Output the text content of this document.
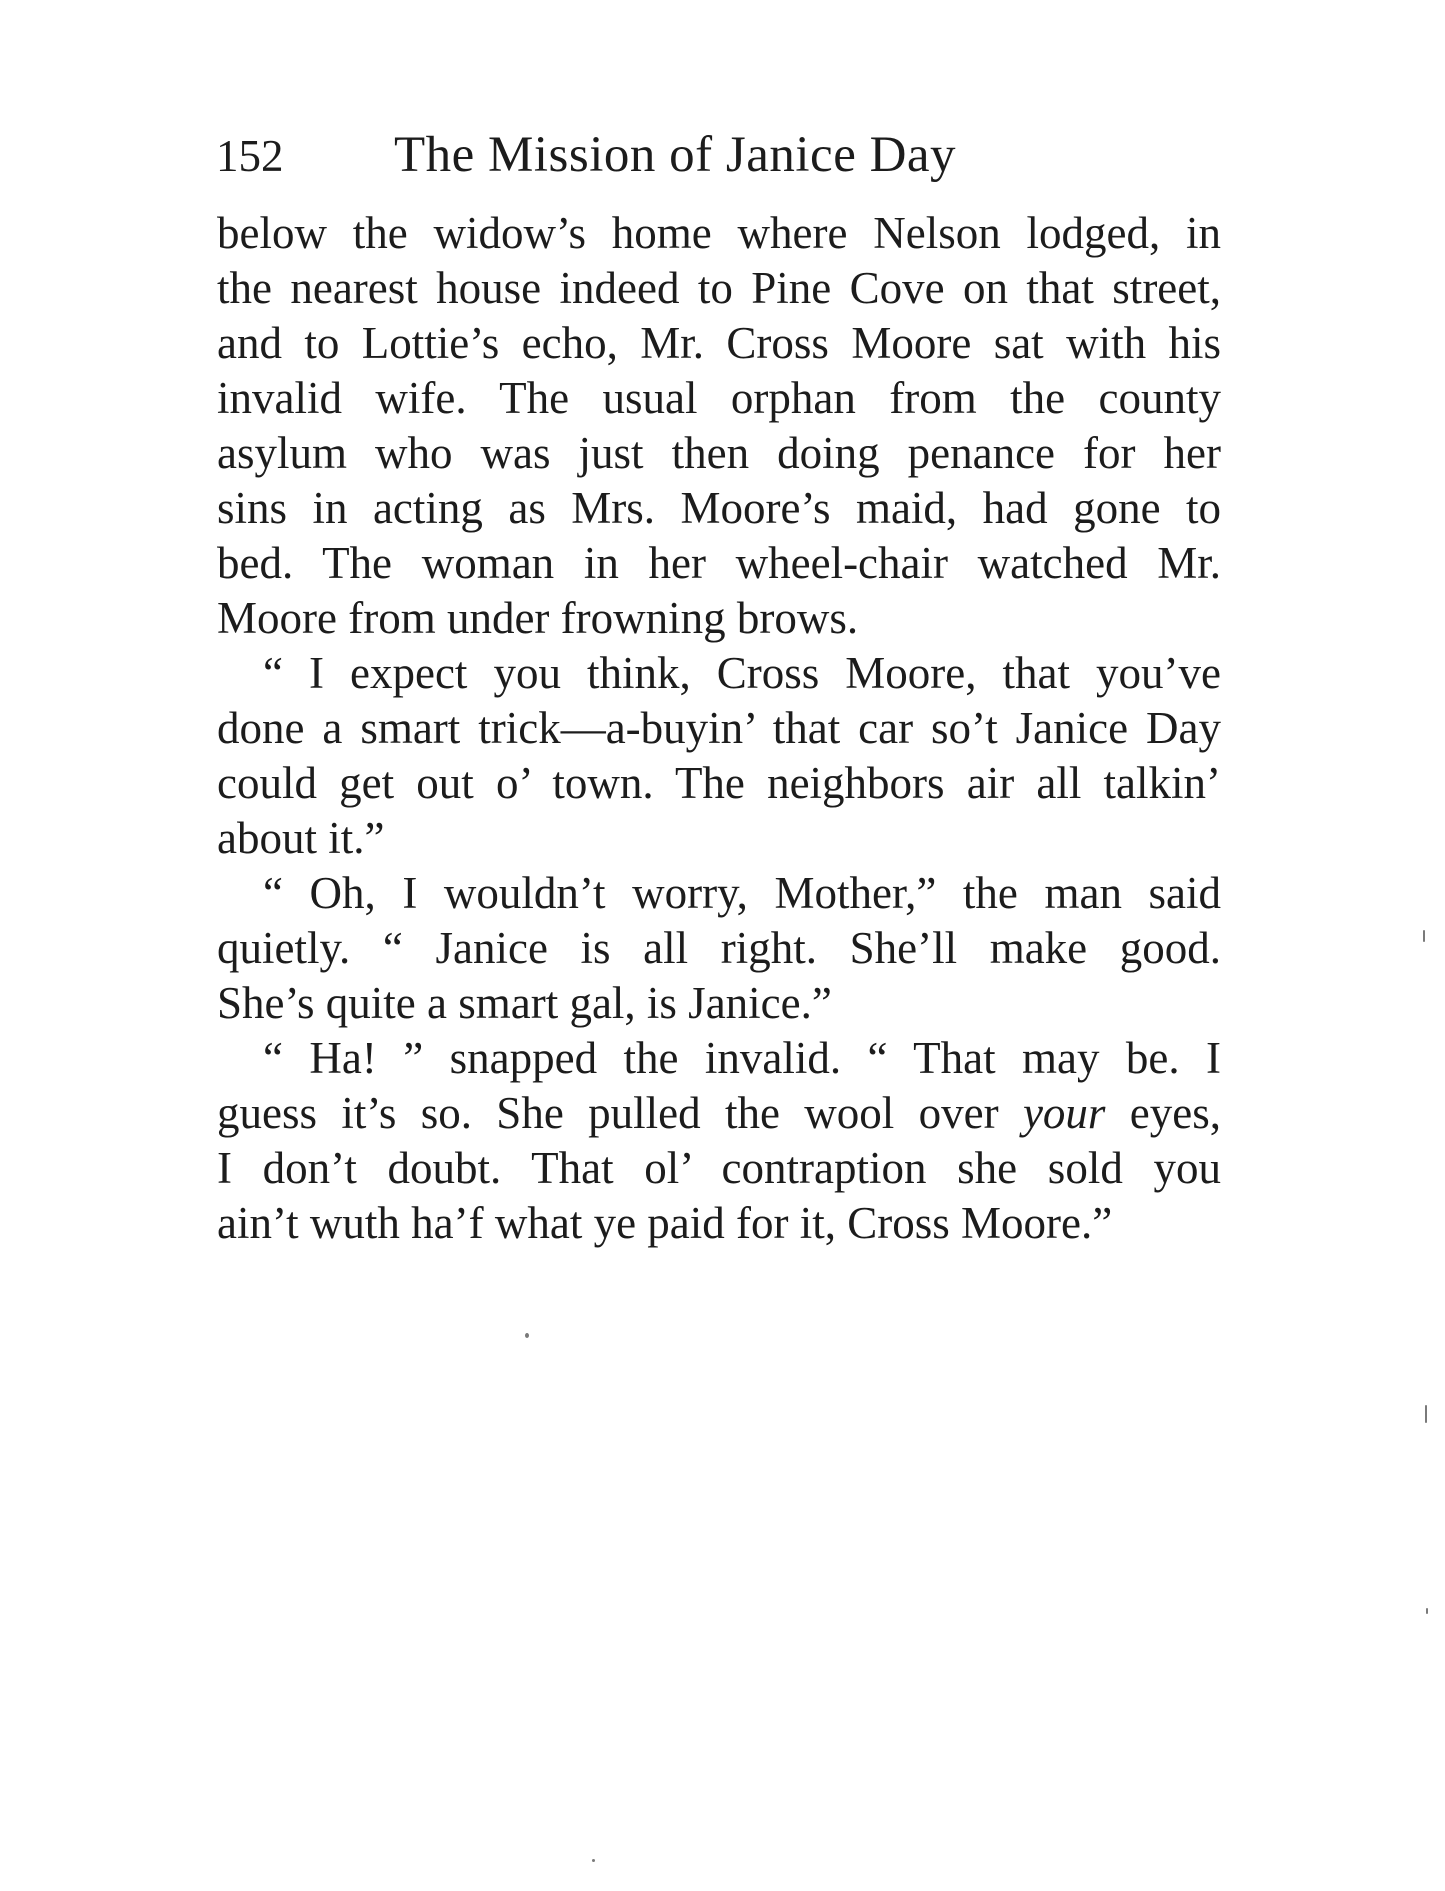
152 The Mission of Janice Day
below the widow’s home where Nelson lodged, in
the nearest house indeed to Pine Cove on that street,
and to Lottie’s echo, Mr. Cross Moore sat with his
invalid wife. The usual orphan from the county
asylum who was just then doing penance for her
sins in acting as Mrs. Moore’s maid, had gone to
bed. The woman in her wheel-chair watched Mr.
Moore from under frowning brows.
“ I expect you think, Cross Moore, that you’ve
done a smart trick—a-buyin’ that car so’t Janice Day
could get out o’ town. The neighbors air all talkin’
about it.”
“ Oh, I wouldn’t worry, Mother,” the man said
quietly. “ Janice is all right. She’ll make good.
She’s quite a smart gal, is Janice.”
“ Ha! ” snapped the invalid. “ That may be. I
guess it’s so. She pulled the wool over your eyes,
I don’t doubt. That ol’ contraption she sold you
ain’t wuth ha’f what ye paid for it, Cross Moore.”
